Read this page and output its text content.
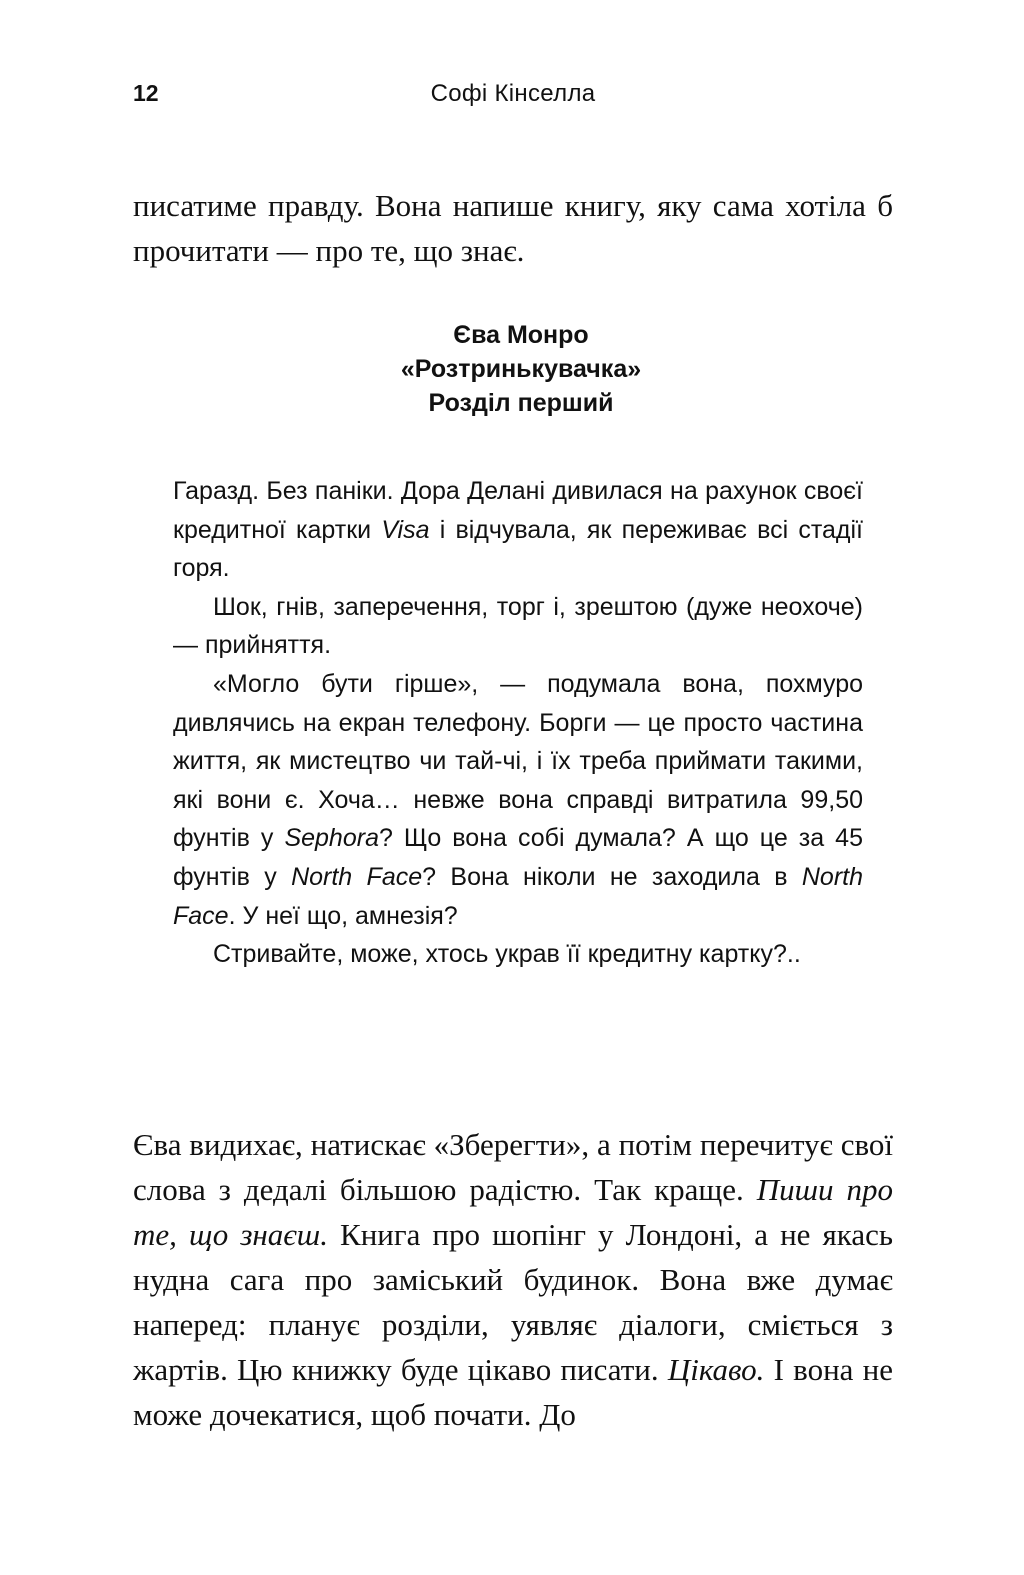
12	Софі Кінселла

писатиме правду. Вона напише книгу, яку сама хотіла б прочитати — про те, що знає.

Єва Монро
«Розтринькувачка»
Розділ перший

Гаразд. Без паніки. Дора Делані дивилася на рахунок своєї кредитної картки Visa і відчувала, як переживає всі стадії горя.

Шок, гнів, заперечення, торг і, зрештою (дуже неохоче) — прийняття.

«Могло бути гірше», — подумала вона, похмуро дивлячись на екран телефону. Борги — це просто частина життя, як мистецтво чи тай-чі, і їх треба приймати такими, які вони є. Хоча… невже вона справді витратила 99,50 фунтів у Sephora? Що вона собі думала? А що це за 45 фунтів у North Face? Вона ніколи не заходила в North Face. У неї що, амнезія?

Стривайте, може, хтось украв її кредитну картку?..

Єва видихає, натискає «Зберегти», а потім перечитує свої слова з дедалі більшою радістю. Так краще. Пиши про те, що знаєш. Книга про шопінг у Лондоні, а не якась нудна сага про заміський будинок. Вона вже думає наперед: планує розділи, уявляє діалоги, сміється з жартів. Цю книжку буде цікаво писати. Цікаво. І вона не може дочекатися, щоб почати. До
